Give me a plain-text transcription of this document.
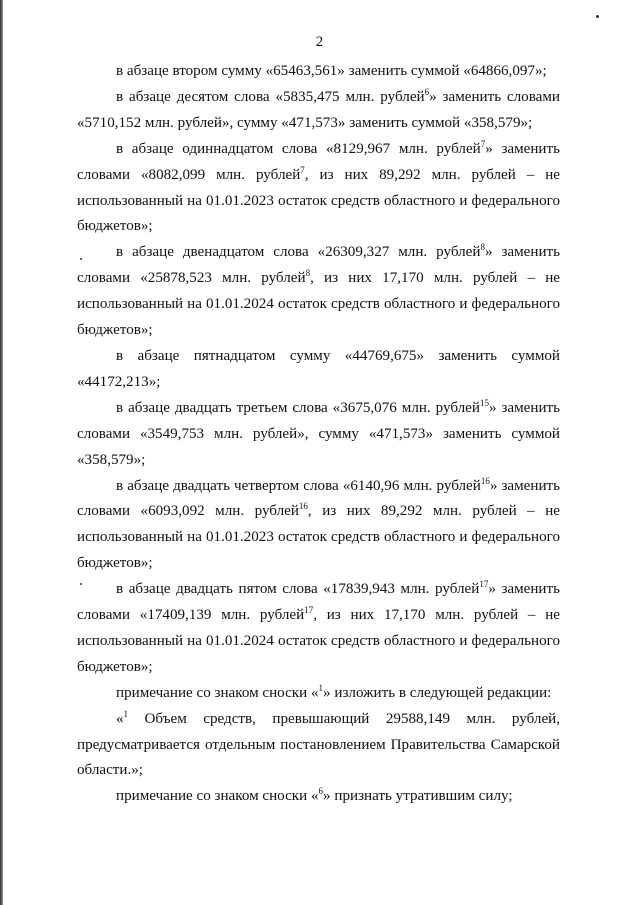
2

в абзаце втором сумму «65463,561» заменить суммой «64866,097»;

в абзаце десятом слова «5835,475 млн. рублей$^6$» заменить словами «5710,152 млн. рублей», сумму «471,573» заменить суммой «358,579»;

в абзаце одиннадцатом слова «8129,967 млн. рублей$^7$» заменить словами «8082,099 млн. рублей$^7$, из них 89,292 млн. рублей – не использованный на 01.01.2023 остаток средств областного и федерального бюджетов»;

в абзаце двенадцатом слова «26309,327 млн. рублей$^8$» заменить словами «25878,523 млн. рублей$^8$, из них 17,170 млн. рублей – не использованный на 01.01.2024 остаток средств областного и федерального бюджетов»;

в абзаце пятнадцатом сумму «44769,675» заменить суммой «44172,213»;

в абзаце двадцать третьем слова «3675,076 млн. рублей$^{15}$» заменить словами «3549,753 млн. рублей», сумму «471,573» заменить суммой «358,579»;

в абзаце двадцать четвертом слова «6140,96 млн. рублей$^{16}$» заменить словами «6093,092 млн. рублей$^{16}$, из них 89,292 млн. рублей – не использованный на 01.01.2023 остаток средств областного и федерального бюджетов»;

в абзаце двадцать пятом слова «17839,943 млн. рублей$^{17}$» заменить словами «17409,139 млн. рублей$^{17}$, из них 17,170 млн. рублей – не использованный на 01.01.2024 остаток средств областного и федерального бюджетов»;

примечание со знаком сноски «$^1$» изложить в следующей редакции:

«$^1$ Объем средств, превышающий 29588,149 млн. рублей, предусматривается отдельным постановлением Правительства Самарской области.»;

примечание со знаком сноски «$^6$» признать утратившим силу;
